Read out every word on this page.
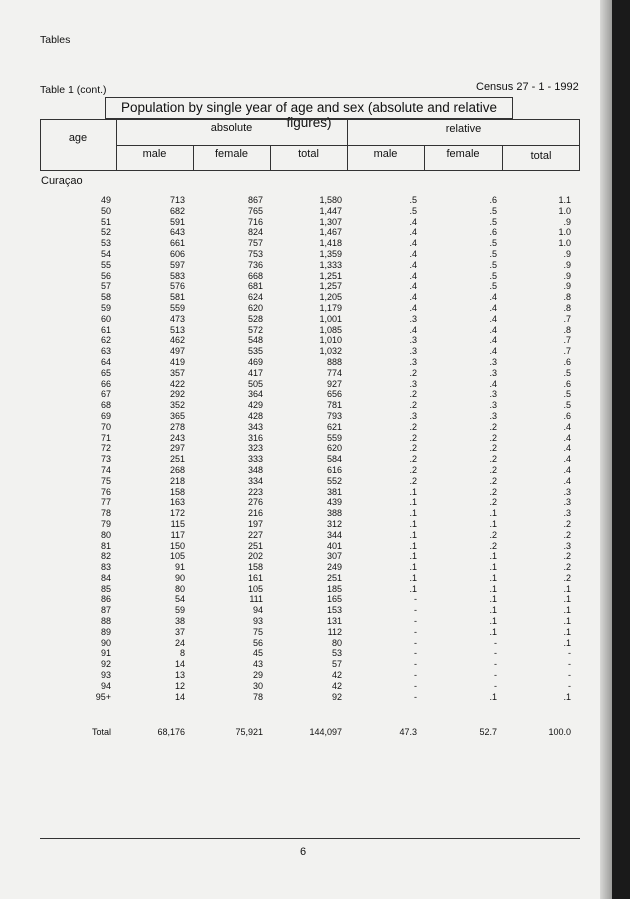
Tables
Table 1 (cont.)	Census 27 - 1 - 1992
Population by single year of age and sex (absolute and relative figures)
age
absolute	relative
male	female	total	male	female	total
Curaçao
49	713	867	1,580	.5	.6	1.1
50	682	765	1,447	.5	.5	1.0
51	591	716	1,307	.4	.5	.9
52	643	824	1,467	.4	.6	1.0
53	661	757	1,418	.4	.5	1.0
54	606	753	1,359	.4	.5	.9
55	597	736	1,333	.4	.5	.9
56	583	668	1,251	.4	.5	.9
57	576	681	1,257	.4	.5	.9
58	581	624	1,205	.4	.4	.8
59	559	620	1,179	.4	.4	.8
60	473	528	1,001	.3	.4	.7
61	513	572	1,085	.4	.4	.8
62	462	548	1,010	.3	.4	.7
63	497	535	1,032	.3	.4	.7
64	419	469	888	.3	.3	.6
65	357	417	774	.2	.3	.5
66	422	505	927	.3	.4	.6
67	292	364	656	.2	.3	.5
68	352	429	781	.2	.3	.5
69	365	428	793	.3	.3	.6
70	278	343	621	.2	.2	.4
71	243	316	559	.2	.2	.4
72	297	323	620	.2	.2	.4
73	251	333	584	.2	.2	.4
74	268	348	616	.2	.2	.4
75	218	334	552	.2	.2	.4
76	158	223	381	.1	.2	.3
77	163	276	439	.1	.2	.3
78	172	216	388	.1	.1	.3
79	115	197	312	.1	.1	.2
80	117	227	344	.1	.2	.2
81	150	251	401	.1	.2	.3
82	105	202	307	.1	.1	.2
83	91	158	249	.1	.1	.2
84	90	161	251	.1	.1	.2
85	80	105	185	.1	.1	.1
86	54	111	165	-	.1	.1
87	59	94	153	-	.1	.1
88	38	93	131	-	.1	.1
89	37	75	112	-	.1	.1
90	24	56	80	-	-	.1
91	8	45	53	-	-	-
92	14	43	57	-	-	-
93	13	29	42	-	-	-
94	12	30	42	-	-	-
95+	14	78	92	-	.1	.1
Total	68,176	75,921	144,097	47.3	52.7	100.0
6
